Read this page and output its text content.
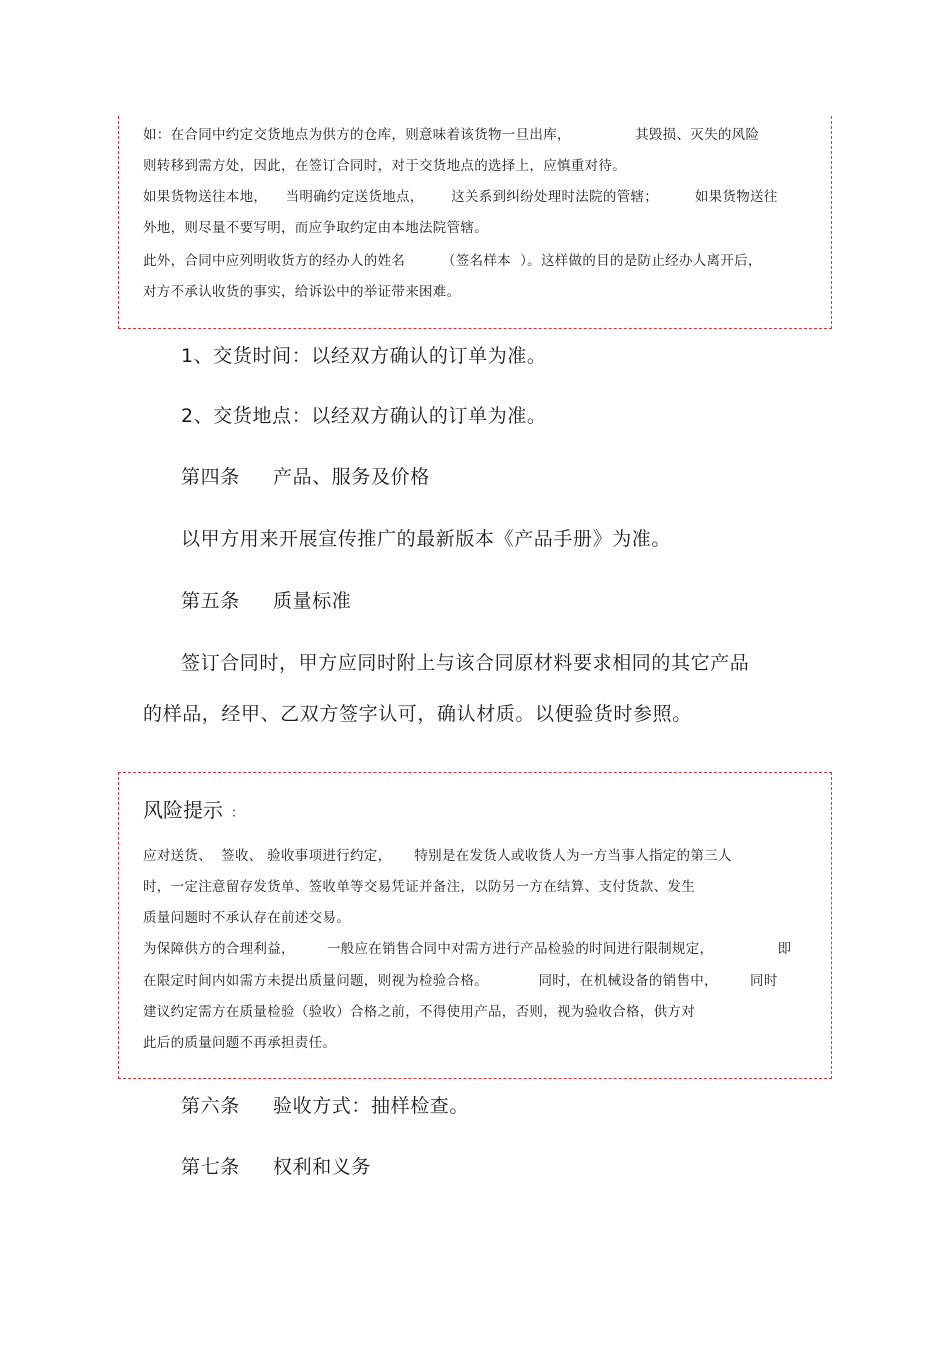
如：在合同中约定交货地点为供方的仓库，则意味着该货物一旦出库，              其毁损、灭失的风险
则转移到需方处，因此，在签订合同时，对于交货地点的选择上，应慎重对待。
如果货物送往本地，    当明确约定送货地点，      这关系到纠纷处理时法院的管辖；        如果货物送往
外地，则尽量不要写明，而应争取约定由本地法院管辖。
此外，合同中应列明收货方的经办人的姓名        （签名样本  ）。这样做的目的是防止经办人离开后，
对方不承认收货的事实，给诉讼中的举证带来困难。
1、交货时间：以经双方确认的订单为准。
2、交货地点：以经双方确认的订单为准。
第四条     产品、服务及价格
以甲方用来开展宣传推广的最新版本《产品手册》为准。
第五条     质量标准
签订合同时，甲方应同时附上与该合同原材料要求相同的其它产品
的样品，经甲、乙双方签字认可，确认材质。以便验货时参照。
风险提示 ：
应对送货、  签收、 验收事项进行约定，     特别是在发货人或收货人为一方当事人指定的第三人
时，一定注意留存发货单、签收单等交易凭证并备注，以防另一方在结算、支付货款、发生
质量问题时不承认存在前述交易。
为保障供方的合理利益，       一般应在销售合同中对需方进行产品检验的时间进行限制规定，              即
在限定时间内如需方未提出质量问题，则视为检验合格。           同时，在机械设备的销售中，       同时
建议约定需方在质量检验（验收）合格之前，不得使用产品，否则，视为验收合格，供方对
此后的质量问题不再承担责任。
第六条     验收方式：抽样检查。
第七条     权利和义务
